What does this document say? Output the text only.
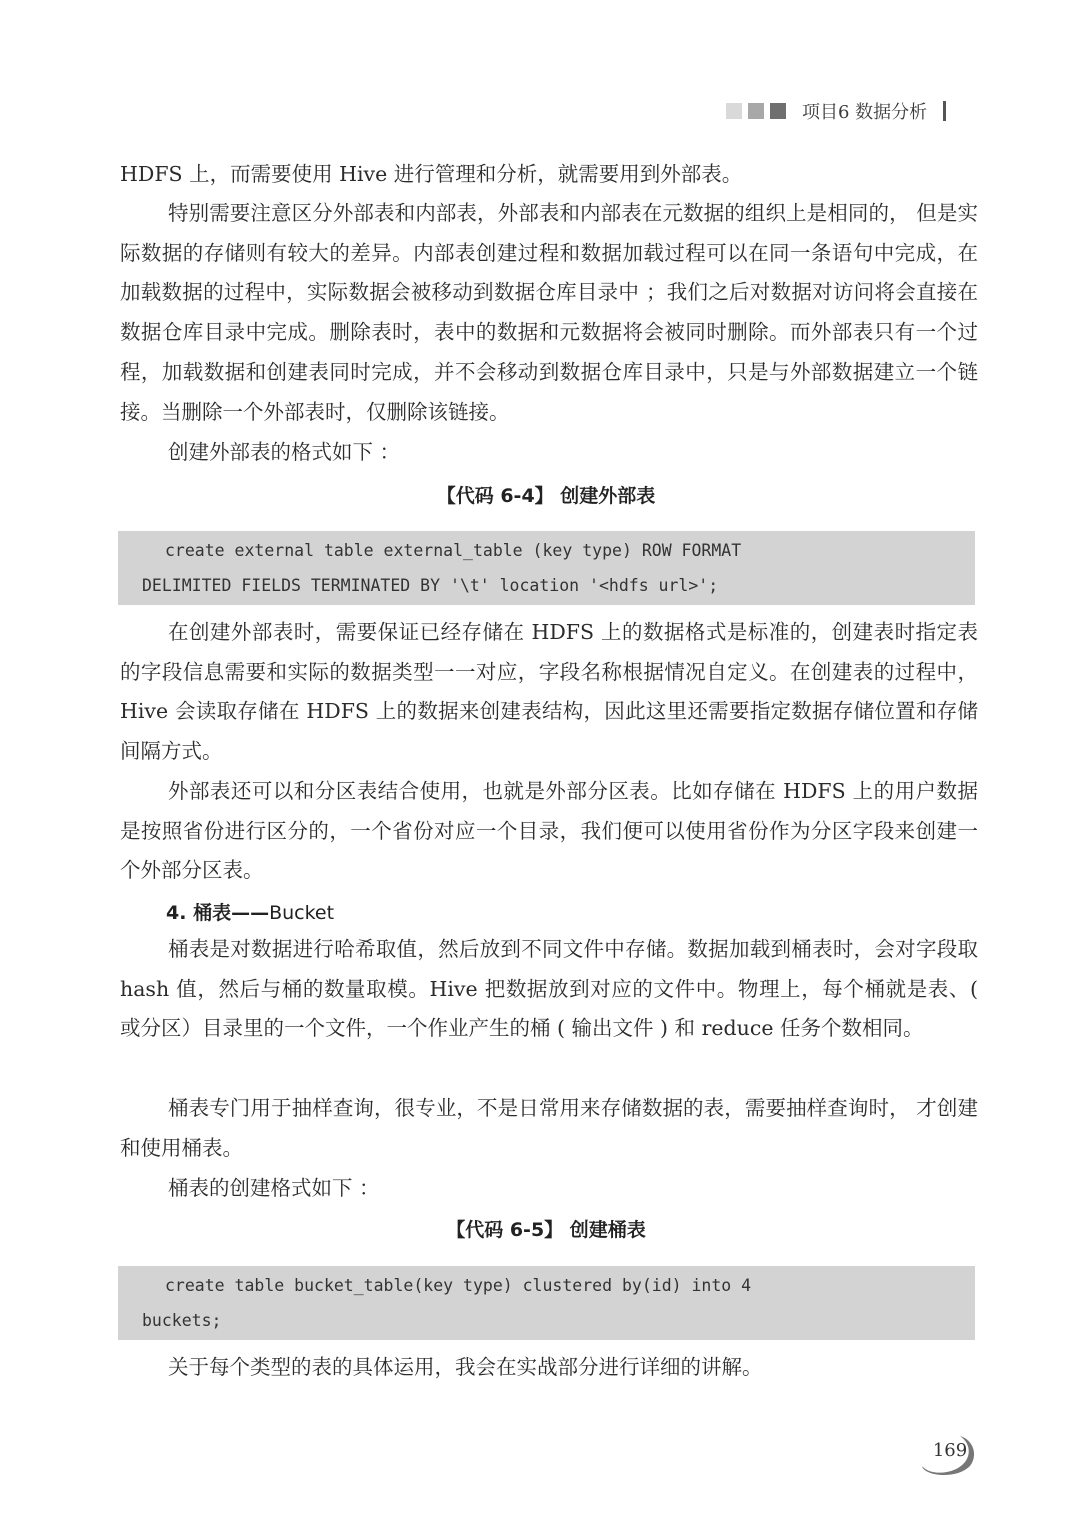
项目6 数据分析

HDFS 上，而需要使用 Hive 进行管理和分析，就需要用到外部表。

特别需要注意区分外部表和内部表，外部表和内部表在元数据的组织上是相同的， 但是实际数据的存储则有较大的差异。内部表创建过程和数据加载过程可以在同一条语句中完成，在加载数据的过程中，实际数据会被移动到数据仓库目录中 ；我们之后对数据对访问将会直接在数据仓库目录中完成。删除表时，表中的数据和元数据将会被同时删除。而外部表只有一个过程，加载数据和创建表同时完成，并不会移动到数据仓库目录中，只是与外部数据建立一个链接。当删除一个外部表时，仅删除该链接。

创建外部表的格式如下 ：

【代码 6-4】 创建外部表
create external table external_table (key type) ROW FORMAT
DELIMITED FIELDS TERMINATED BY '\t' location '<hdfs url>';

在创建外部表时，需要保证已经存储在 HDFS 上的数据格式是标准的，创建表时指定表的字段信息需要和实际的数据类型一一对应，字段名称根据情况自定义。在创建表的过程中，Hive 会读取存储在 HDFS 上的数据来创建表结构，因此这里还需要指定数据存储位置和存储间隔方式。

外部表还可以和分区表结合使用，也就是外部分区表。比如存储在 HDFS 上的用户数据是按照省份进行区分的，一个省份对应一个目录，我们便可以使用省份作为分区字段来创建一个外部分区表。

4. 桶表——Bucket

桶表是对数据进行哈希取值，然后放到不同文件中存储。数据加载到桶表时，会对字段取 hash 值，然后与桶的数量取模。Hive 把数据放到对应的文件中。物理上，每个桶就是表、( 或分区）目录里的一个文件，一个作业产生的桶 ( 输出文件 ) 和 reduce 任务个数相同。

桶表专门用于抽样查询，很专业，不是日常用来存储数据的表，需要抽样查询时， 才创建和使用桶表。

桶表的创建格式如下 ：

【代码 6-5】 创建桶表
create table bucket_table(key type) clustered by(id) into 4
buckets;

关于每个类型的表的具体运用，我会在实战部分进行详细的讲解。

169
